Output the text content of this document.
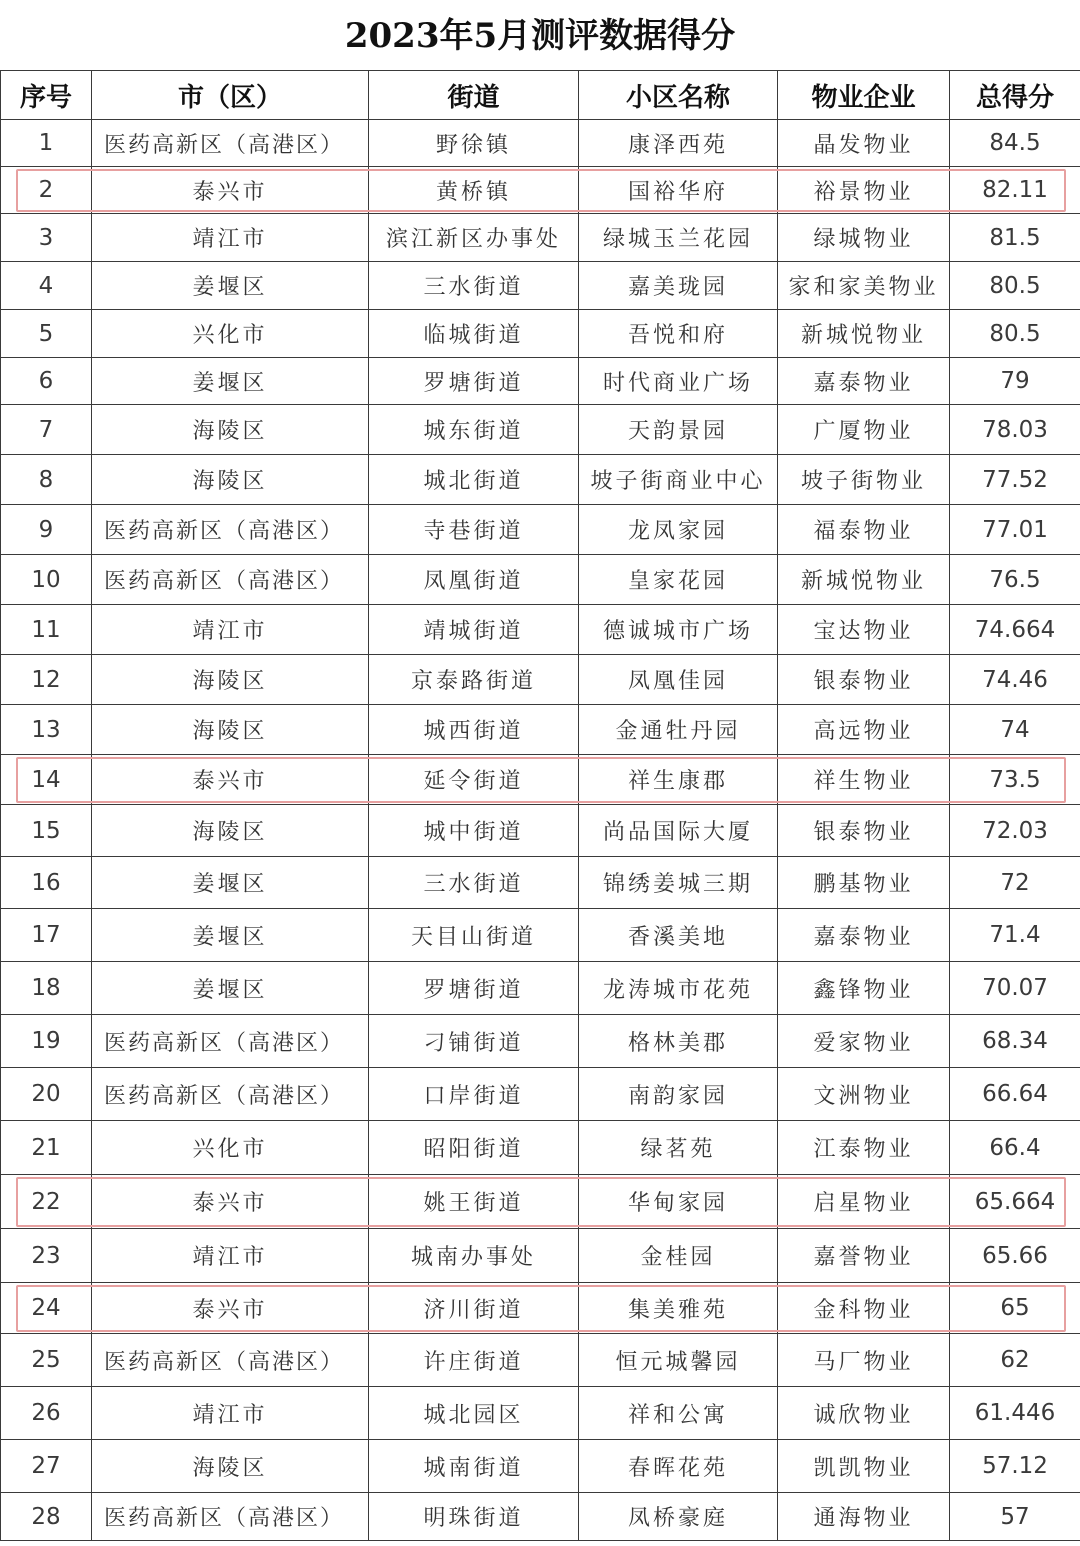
2023年5月测评数据得分
序号	市（区）	街道	小区名称	物业企业	总得分
1	医药高新区（高港区）	野徐镇	康泽西苑	晶发物业	84.5
2	泰兴市	黄桥镇	国裕华府	裕景物业	82.11
3	靖江市	滨江新区办事处	绿城玉兰花园	绿城物业	81.5
4	姜堰区	三水街道	嘉美珑园	家和家美物业	80.5
5	兴化市	临城街道	吾悦和府	新城悦物业	80.5
6	姜堰区	罗塘街道	时代商业广场	嘉泰物业	79
7	海陵区	城东街道	天韵景园	广厦物业	78.03
8	海陵区	城北街道	坡子街商业中心	坡子街物业	77.52
9	医药高新区（高港区）	寺巷街道	龙凤家园	福泰物业	77.01
10	医药高新区（高港区）	凤凰街道	皇家花园	新城悦物业	76.5
11	靖江市	靖城街道	德诚城市广场	宝达物业	74.664
12	海陵区	京泰路街道	凤凰佳园	银泰物业	74.46
13	海陵区	城西街道	金通牡丹园	高远物业	74
14	泰兴市	延令街道	祥生康郡	祥生物业	73.5
15	海陵区	城中街道	尚品国际大厦	银泰物业	72.03
16	姜堰区	三水街道	锦绣姜城三期	鹏基物业	72
17	姜堰区	天目山街道	香溪美地	嘉泰物业	71.4
18	姜堰区	罗塘街道	龙涛城市花苑	鑫锋物业	70.07
19	医药高新区（高港区）	刁铺街道	格林美郡	爱家物业	68.34
20	医药高新区（高港区）	口岸街道	南韵家园	文洲物业	66.64
21	兴化市	昭阳街道	绿茗苑	江泰物业	66.4
22	泰兴市	姚王街道	华甸家园	启星物业	65.664
23	靖江市	城南办事处	金桂园	嘉誉物业	65.66
24	泰兴市	济川街道	集美雅苑	金科物业	65
25	医药高新区（高港区）	许庄街道	恒元城馨园	马厂物业	62
26	靖江市	城北园区	祥和公寓	诚欣物业	61.446
27	海陵区	城南街道	春晖花苑	凯凯物业	57.12
28	医药高新区（高港区）	明珠街道	凤桥豪庭	通海物业	57
